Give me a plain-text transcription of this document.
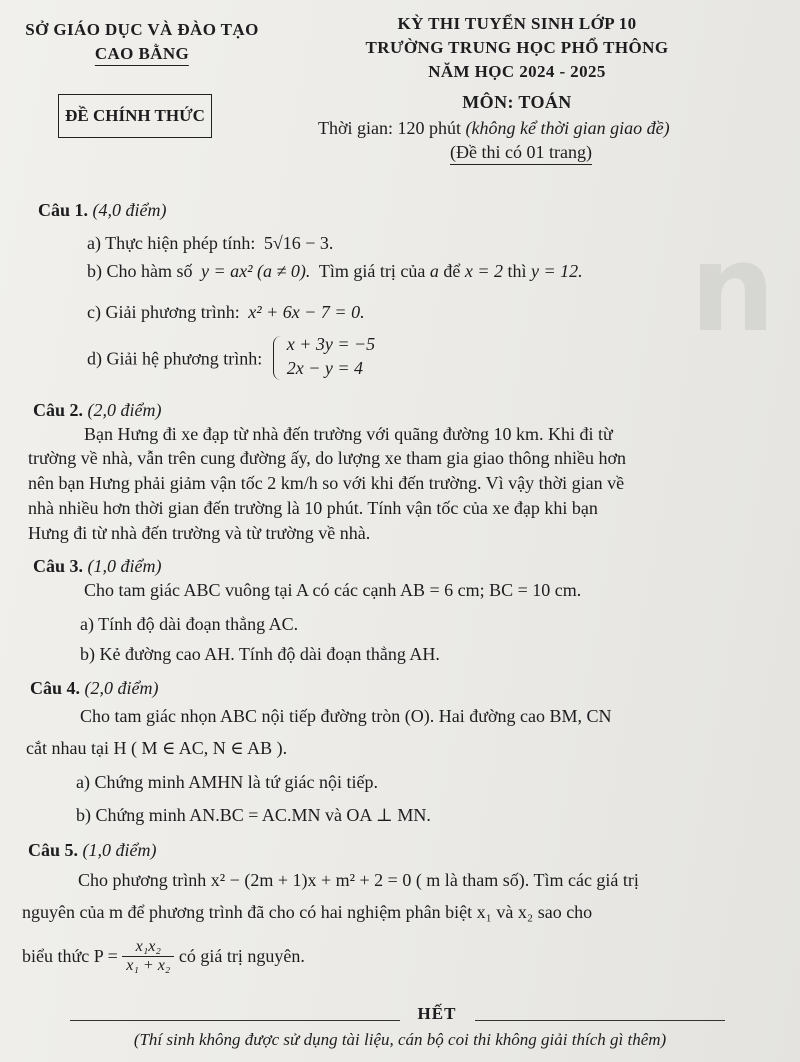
n
SỞ GIÁO DỤC VÀ ĐÀO TẠO
CAO BẰNG
ĐỀ CHÍNH THỨC
KỲ THI TUYỂN SINH LỚP 10
TRƯỜNG TRUNG HỌC PHỔ THÔNG
NĂM HỌC 2024 - 2025
MÔN: TOÁN
Thời gian: 120 phút (không kể thời gian giao đề)
(Đề thi có 01 trang)
Câu 1. (4,0 điểm)
a) Thực hiện phép tính: 5√16 − 3.
b) Cho hàm số y = ax² (a ≠ 0). Tìm giá trị của a để x = 2 thì y = 12.
c) Giải phương trình: x² + 6x − 7 = 0.
d) Giải hệ phương trình:
x + 3y = −5
2x − y = 4
Câu 2. (2,0 điểm)
Bạn Hưng đi xe đạp từ nhà đến trường với quãng đường 10 km. Khi đi từ
trường về nhà, vẫn trên cung đường ấy, do lượng xe tham gia giao thông nhiều hơn
nên bạn Hưng phải giảm vận tốc 2 km/h so với khi đến trường. Vì vậy thời gian về
nhà nhiều hơn thời gian đến trường là 10 phút. Tính vận tốc của xe đạp khi bạn
Hưng đi từ nhà đến trường và từ trường về nhà.
Câu 3. (1,0 điểm)
Cho tam giác ABC vuông tại A có các cạnh AB = 6 cm; BC = 10 cm.
a) Tính độ dài đoạn thẳng AC.
b) Kẻ đường cao AH. Tính độ dài đoạn thẳng AH.
Câu 4. (2,0 điểm)
Cho tam giác nhọn ABC nội tiếp đường tròn (O). Hai đường cao BM, CN
cắt nhau tại H ( M ∈ AC, N ∈ AB ).
a) Chứng minh AMHN là tứ giác nội tiếp.
b) Chứng minh AN.BC = AC.MN và OA ⊥ MN.
Câu 5. (1,0 điểm)
Cho phương trình x² − (2m + 1)x + m² + 2 = 0 ( m là tham số). Tìm các giá trị
nguyên của m để phương trình đã cho có hai nghiệm phân biệt x₁ và x₂ sao cho
biểu thức $P = \frac{\text{x₁x₂}}{\text{x₁ + x₂}}$ có giá trị nguyên.
HẾT
(Thí sinh không được sử dụng tài liệu, cán bộ coi thi không giải thích gì thêm)
